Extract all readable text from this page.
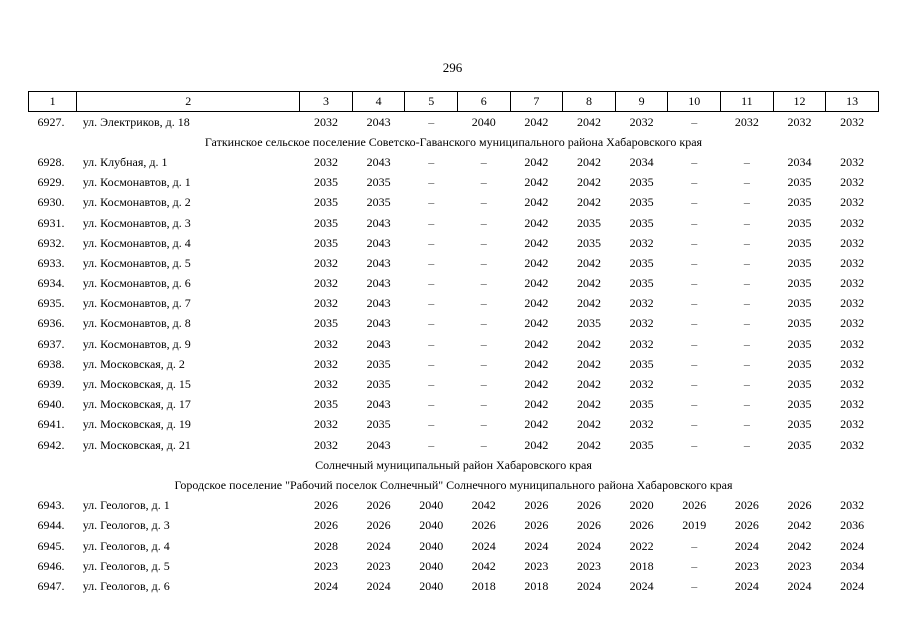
296
1	2	3	4	5	6	7	8	9	10	11	12	13
6927.	ул. Электриков, д. 18	2032	2043	–	2040	2042	2042	2032	–	2032	2032	2032
Гаткинское сельское поселение Советско-Гаванского муниципального района Хабаровского края												
6928.	ул. Клубная, д. 1	2032	2043	–	–	2042	2042	2034	–	–	2034	2032
6929.	ул. Космонавтов, д. 1	2035	2035	–	–	2042	2042	2035	–	–	2035	2032
6930.	ул. Космонавтов, д. 2	2035	2035	–	–	2042	2042	2035	–	–	2035	2032
6931.	ул. Космонавтов, д. 3	2035	2043	–	–	2042	2035	2035	–	–	2035	2032
6932.	ул. Космонавтов, д. 4	2035	2043	–	–	2042	2035	2032	–	–	2035	2032
6933.	ул. Космонавтов, д. 5	2032	2043	–	–	2042	2042	2035	–	–	2035	2032
6934.	ул. Космонавтов, д. 6	2032	2043	–	–	2042	2042	2035	–	–	2035	2032
6935.	ул. Космонавтов, д. 7	2032	2043	–	–	2042	2042	2032	–	–	2035	2032
6936.	ул. Космонавтов, д. 8	2035	2043	–	–	2042	2035	2032	–	–	2035	2032
6937.	ул. Космонавтов, д. 9	2032	2043	–	–	2042	2042	2032	–	–	2035	2032
6938.	ул. Московская, д. 2	2032	2035	–	–	2042	2042	2035	–	–	2035	2032
6939.	ул. Московская, д. 15	2032	2035	–	–	2042	2042	2032	–	–	2035	2032
6940.	ул. Московская, д. 17	2035	2043	–	–	2042	2042	2035	–	–	2035	2032
6941.	ул. Московская, д. 19	2032	2035	–	–	2042	2042	2032	–	–	2035	2032
6942.	ул. Московская, д. 21	2032	2043	–	–	2042	2042	2035	–	–	2035	2032
Солнечный муниципальный район Хабаровского края												
Городское поселение "Рабочий поселок Солнечный" Солнечного муниципального района Хабаровского края												
6943.	ул. Геологов, д. 1	2026	2026	2040	2042	2026	2026	2020	2026	2026	2026	2032
6944.	ул. Геологов, д. 3	2026	2026	2040	2026	2026	2026	2026	2019	2026	2042	2036
6945.	ул. Геологов, д. 4	2028	2024	2040	2024	2024	2024	2022	–	2024	2042	2024
6946.	ул. Геологов, д. 5	2023	2023	2040	2042	2023	2023	2018	–	2023	2023	2034
6947.	ул. Геологов, д. 6	2024	2024	2040	2018	2018	2024	2024	–	2024	2024	2024
